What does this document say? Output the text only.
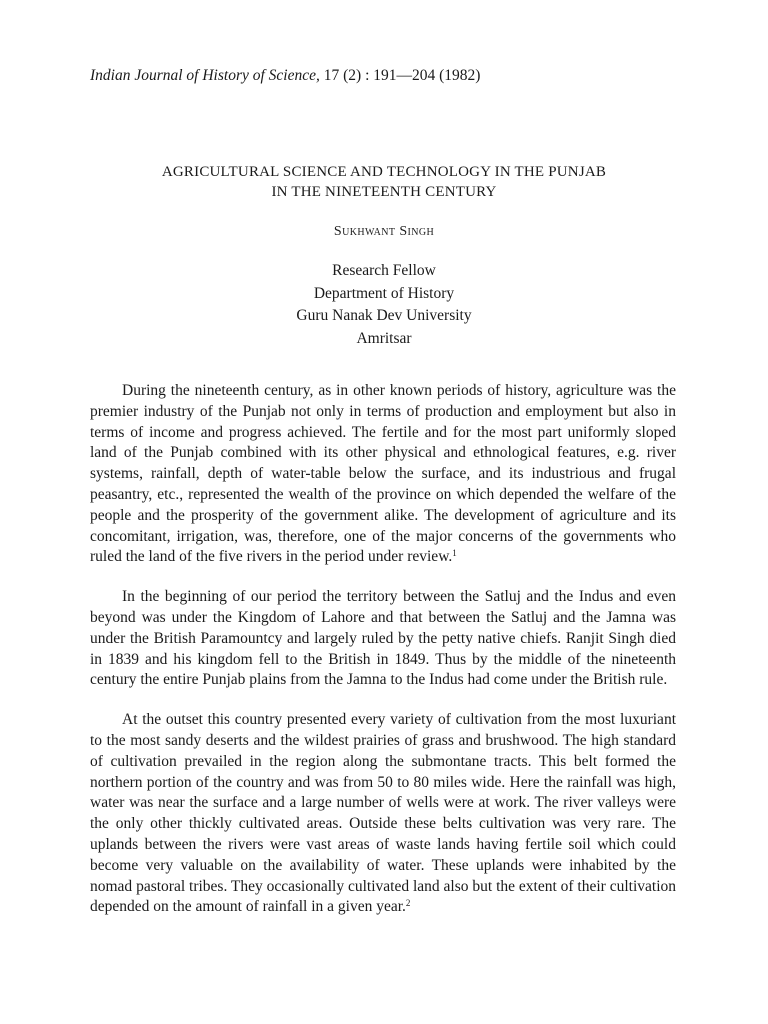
Indian Journal of History of Science, 17 (2) : 191—204 (1982)
AGRICULTURAL SCIENCE AND TECHNOLOGY IN THE PUNJAB
IN THE NINETEENTH CENTURY
Sukhwant Singh
Research Fellow
Department of History
Guru Nanak Dev University
Amritsar

During the nineteenth century, as in other known periods of history, agriculture was the premier industry of the Punjab not only in terms of production and employment but also in terms of income and progress achieved. The fertile and for the most part uniformly sloped land of the Punjab combined with its other physical and ethnological features, e.g. river systems, rainfall, depth of water-table below the surface, and its industrious and frugal peasantry, etc., represented the wealth of the province on which depended the welfare of the people and the prosperity of the government alike. The development of agriculture and its concomitant, irrigation, was, therefore, one of the major concerns of the governments who ruled the land of the five rivers in the period under review.$^1$

In the beginning of our period the territory between the Satluj and the Indus and even beyond was under the Kingdom of Lahore and that between the Satluj and the Jamna was under the British Paramountcy and largely ruled by the petty native chiefs. Ranjit Singh died in 1839 and his kingdom fell to the British in 1849. Thus by the middle of the nineteenth century the entire Punjab plains from the Jamna to the Indus had come under the British rule.

At the outset this country presented every variety of cultivation from the most luxuriant to the most sandy deserts and the wildest prairies of grass and brushwood. The high standard of cultivation prevailed in the region along the submontane tracts. This belt formed the northern portion of the country and was from 50 to 80 miles wide. Here the rainfall was high, water was near the surface and a large number of wells were at work. The river valleys were the only other thickly cultivated areas. Outside these belts cultivation was very rare. The uplands between the rivers were vast areas of waste lands having fertile soil which could become very valuable on the availability of water. These uplands were inhabited by the nomad pastoral tribes. They occasionally cultivated land also but the extent of their cultivation depended on the amount of rainfall in a given year.$^2$
